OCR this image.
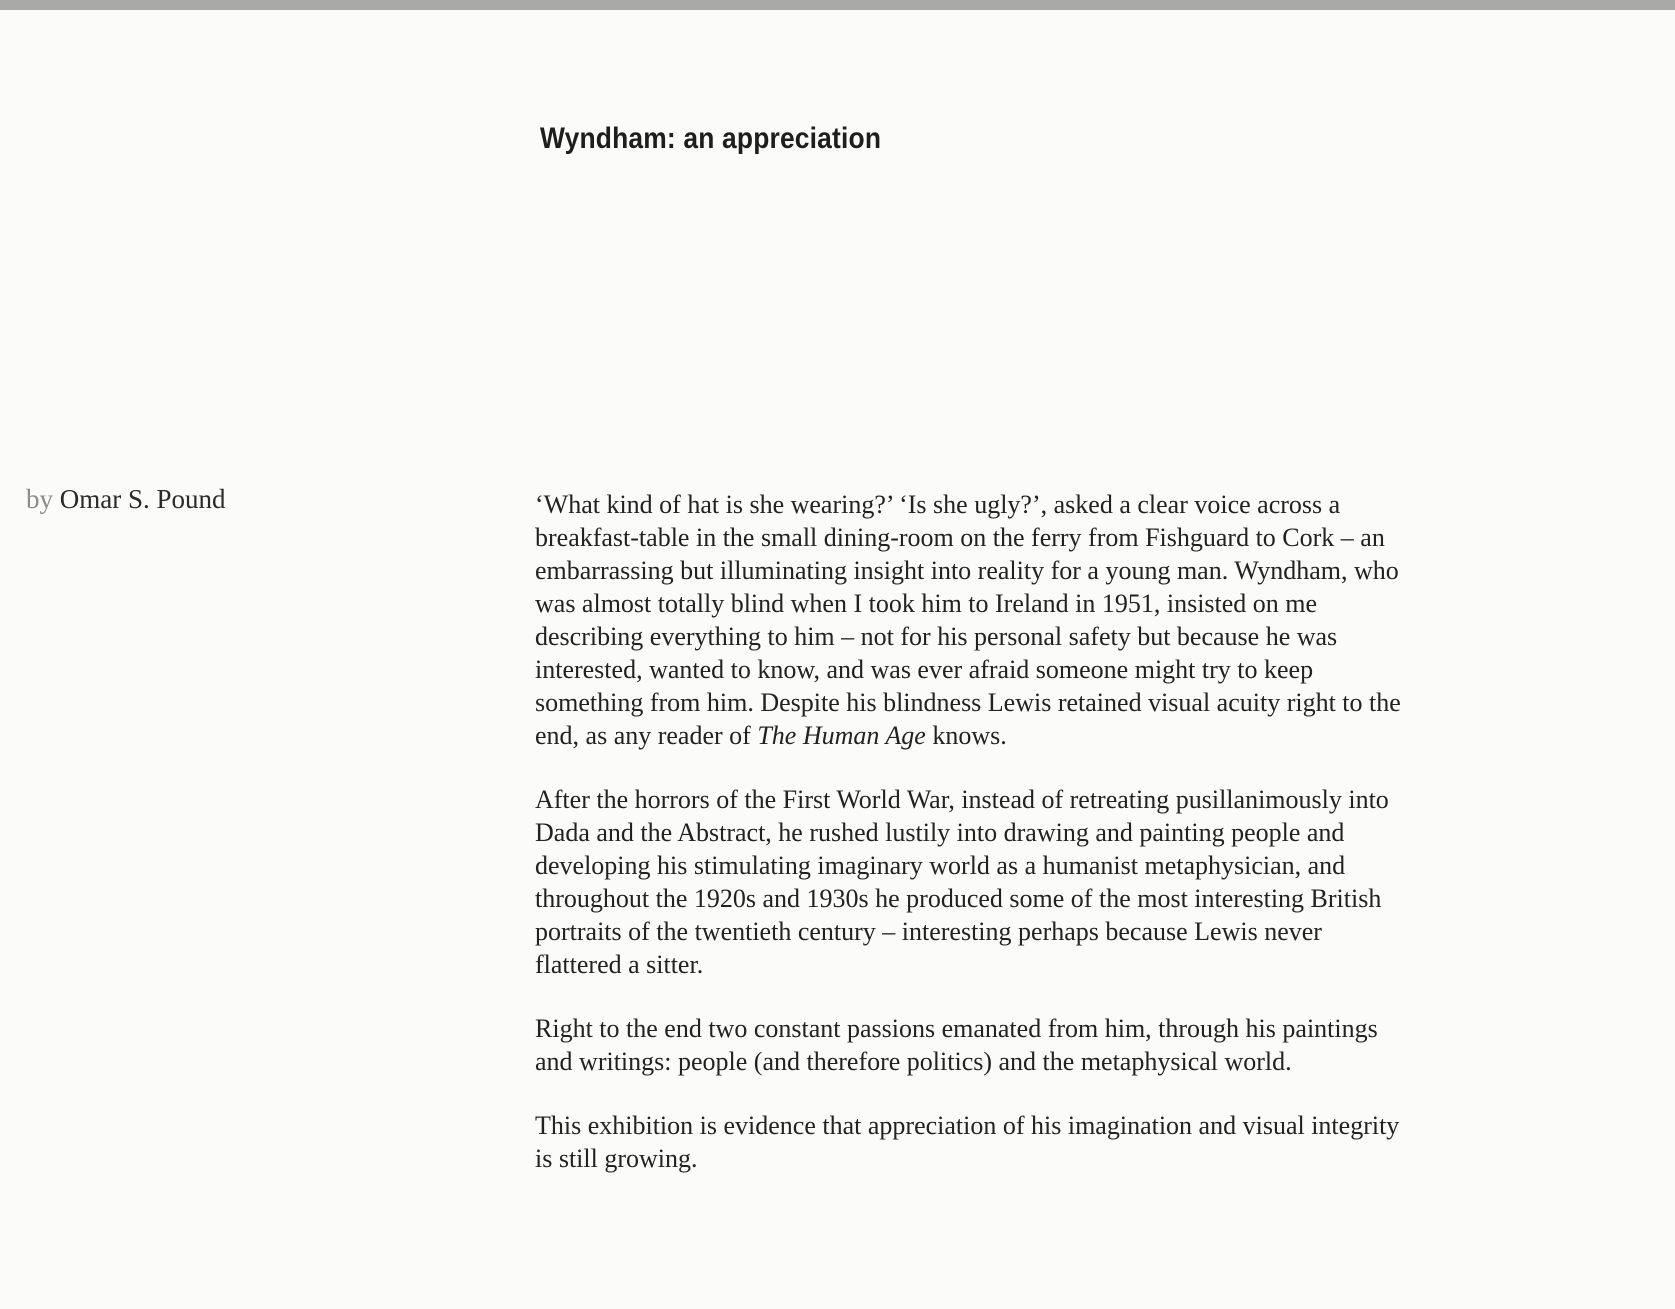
Wyndham: an appreciation
by Omar S. Pound	‘What kind of hat is she wearing?’ ‘Is she ugly?’, asked a clear voice across a
breakfast-table in the small dining-room on the ferry from Fishguard to Cork – an
embarrassing but illuminating insight into reality for a young man. Wyndham, who
was almost totally blind when I took him to Ireland in 1951, insisted on me
describing everything to him – not for his personal safety but because he was
interested, wanted to know, and was ever afraid someone might try to keep
something from him. Despite his blindness Lewis retained visual acuity right to the
end, as any reader of The Human Age knows.

After the horrors of the First World War, instead of retreating pusillanimously into
Dada and the Abstract, he rushed lustily into drawing and painting people and
developing his stimulating imaginary world as a humanist metaphysician, and
throughout the 1920s and 1930s he produced some of the most interesting British
portraits of the twentieth century – interesting perhaps because Lewis never
flattered a sitter.

Right to the end two constant passions emanated from him, through his paintings
and writings: people (and therefore politics) and the metaphysical world.

This exhibition is evidence that appreciation of his imagination and visual integrity
is still growing.
